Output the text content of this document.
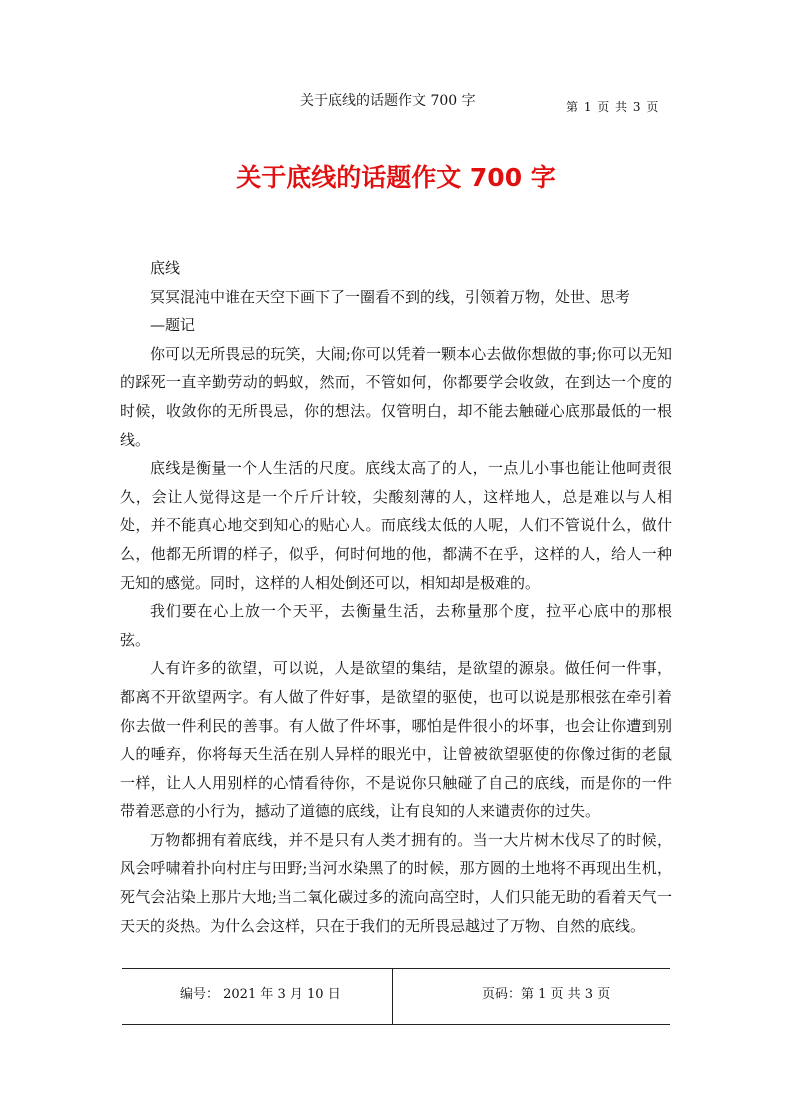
关于底线的话题作文 700 字	第 1 页 共 3 页
关于底线的话题作文 700 字

底线

冥冥混沌中谁在天空下画下了一圈看不到的线，引领着万物，处世、思考

—题记

你可以无所畏忌的玩笑，大闹;你可以凭着一颗本心去做你想做的事;你可以无知的踩死一直辛勤劳动的蚂蚁，然而，不管如何，你都要学会收敛，在到达一个度的时候，收敛你的无所畏忌，你的想法。仅管明白，却不能去触碰心底那最低的一根线。

底线是衡量一个人生活的尺度。底线太高了的人，一点儿小事也能让他呵责很久，会让人觉得这是一个斤斤计较，尖酸刻薄的人，这样地人，总是难以与人相处，并不能真心地交到知心的贴心人。而底线太低的人呢，人们不管说什么，做什么，他都无所谓的样子，似乎，何时何地的他，都满不在乎，这样的人，给人一种无知的感觉。同时，这样的人相处倒还可以，相知却是极难的。

我们要在心上放一个天平，去衡量生活，去称量那个度，拉平心底中的那根弦。

人有许多的欲望，可以说，人是欲望的集结，是欲望的源泉。做任何一件事，都离不开欲望两字。有人做了件好事，是欲望的驱使，也可以说是那根弦在牵引着你去做一件利民的善事。有人做了件坏事，哪怕是件很小的坏事，也会让你遭到别人的唾弃，你将每天生活在别人异样的眼光中，让曾被欲望驱使的你像过街的老鼠一样，让人人用别样的心情看待你，不是说你只触碰了自己的底线，而是你的一件带着恶意的小行为，撼动了道德的底线，让有良知的人来谴责你的过失。

万物都拥有着底线，并不是只有人类才拥有的。当一大片树木伐尽了的时候，风会呼啸着扑向村庄与田野;当河水染黑了的时候，那方圆的土地将不再现出生机，死气会沾染上那片大地;当二氧化碳过多的流向高空时，人们只能无助的看着天气一天天的炎热。为什么会这样，只在于我们的无所畏忌越过了万物、自然的底线。

编号： 2021 年 3 月 10 日	页码：第 1 页 共 3 页
